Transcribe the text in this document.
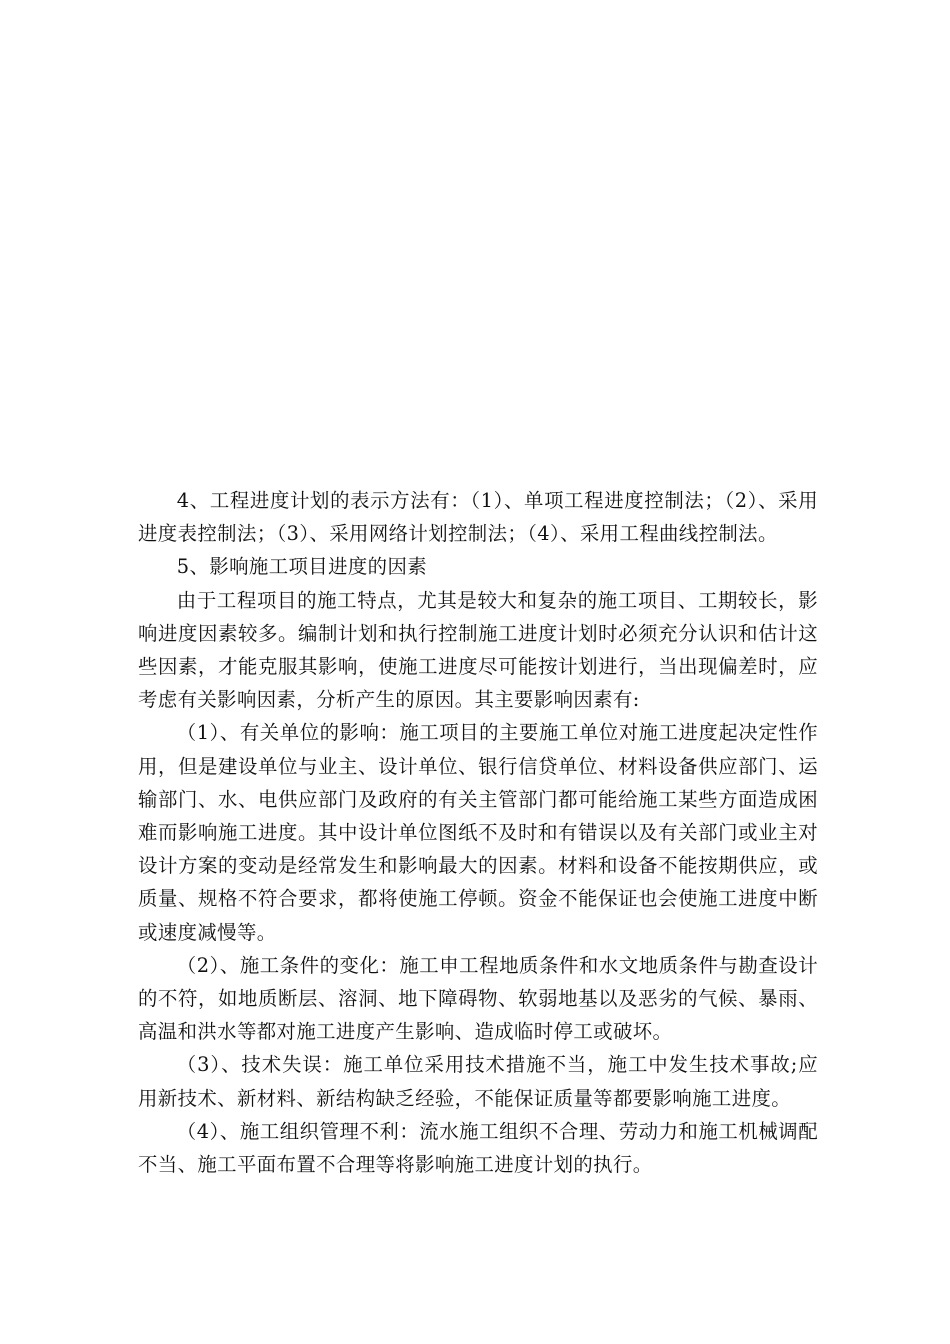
4、工程进度计划的表示方法有：（1）、单项工程进度控制法；（2）、采用进度表控制法；（3）、采用网络计划控制法；（4）、采用工程曲线控制法。

5、影响施工项目进度的因素

由于工程项目的施工特点，尤其是较大和复杂的施工项目、工期较长，影响进度因素较多。编制计划和执行控制施工进度计划时必须充分认识和估计这些因素，才能克服其影响，使施工进度尽可能按计划进行，当出现偏差时，应考虑有关影响因素，分析产生的原因。其主要影响因素有:

（1）、有关单位的影响：施工项目的主要施工单位对施工进度起决定性作用，但是建设单位与业主、设计单位、银行信贷单位、材料设备供应部门、运输部门、水、电供应部门及政府的有关主管部门都可能给施工某些方面造成困难而影响施工进度。其中设计单位图纸不及时和有错误以及有关部门或业主对设计方案的变动是经常发生和影响最大的因素。材料和设备不能按期供应，或质量、规格不符合要求，都将使施工停顿。资金不能保证也会使施工进度中断或速度减慢等。

（2）、施工条件的变化：施工申工程地质条件和水文地质条件与勘查设计的不符，如地质断层、溶洞、地下障碍物、软弱地基以及恶劣的气候、暴雨、高温和洪水等都对施工进度产生影响、造成临时停工或破坏。

（3）、技术失误：施工单位采用技术措施不当，施工中发生技术事故;应用新技术、新材料、新结构缺乏经验，不能保证质量等都要影响施工进度。

（4）、施工组织管理不利：流水施工组织不合理、劳动力和施工机械调配不当、施工平面布置不合理等将影响施工进度计划的执行。
